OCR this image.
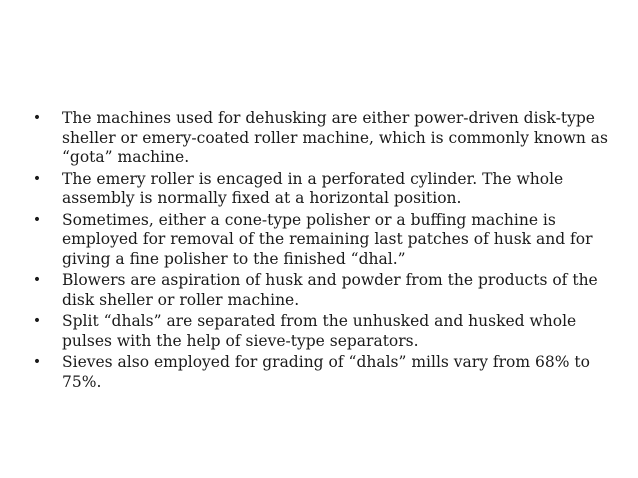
• The machines used for dehusking are either power-driven disk-type sheller or emery-coated roller machine, which is commonly known as “gota” machine.
• The emery roller is encaged in a perforated cylinder. The whole assembly is normally fixed at a horizontal position.
• Sometimes, either a cone-type polisher or a buffing machine is employed for removal of the remaining last patches of husk and for giving a fine polisher to the finished “dhal.”
• Blowers are aspiration of husk and powder from the products of the disk sheller or roller machine.
• Split “dhals” are separated from the unhusked and husked whole pulses with the help of sieve-type separators.
• Sieves also employed for grading of “dhals” mills vary from 68% to 75%.
